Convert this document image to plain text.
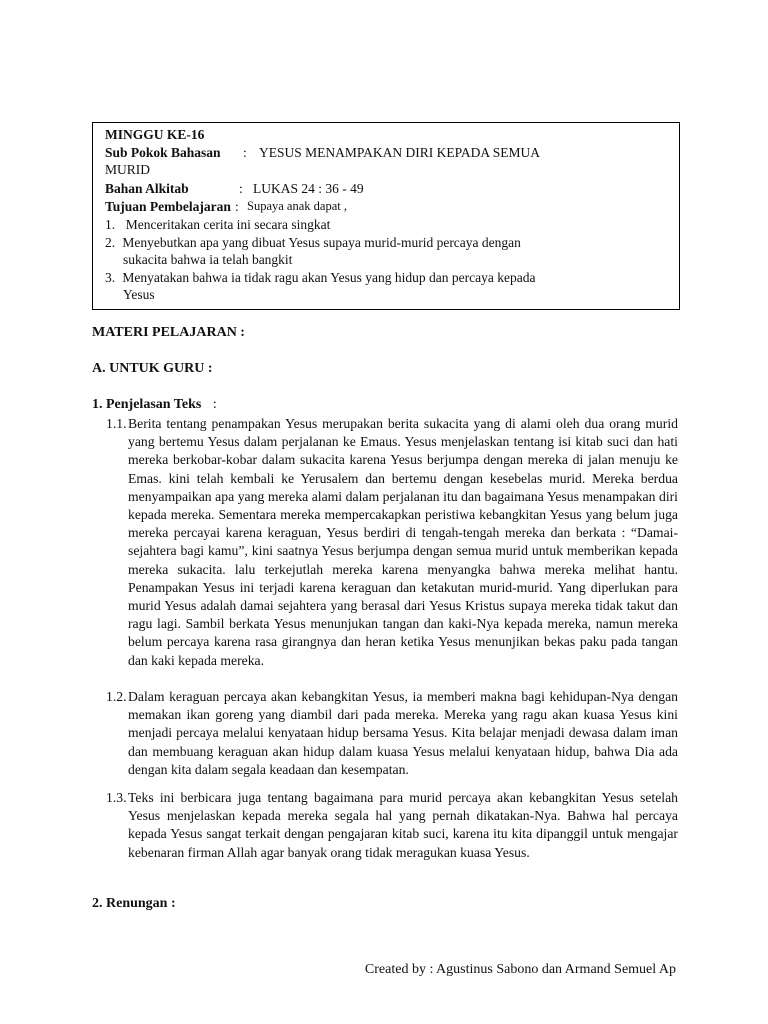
MINGGU KE-16
Sub Pokok Bahasan : YESUS MENAMPAKAN DIRI KEPADA SEMUA
MURID
Bahan Alkitab	: LUKAS 24 : 36 - 49
Tujuan Pembelajaran : Supaya anak dapat ,
1. Menceritakan cerita ini secara singkat
2. Menyebutkan apa yang dibuat Yesus supaya murid-murid percaya dengan
sukacita bahwa ia telah bangkit
3. Menyatakan bahwa ia tidak ragu akan Yesus yang hidup dan percaya kepada
Yesus
MATERI PELAJARAN :
A. UNTUK GURU :
1. Penjelasan Teks :
1.1. Berita tentang penampakan Yesus merupakan berita sukacita yang di alami oleh dua orang murid yang bertemu Yesus dalam perjalanan ke Emaus. Yesus menjelaskan tentang isi kitab suci dan hati mereka berkobar-kobar dalam sukacita karena Yesus berjumpa dengan mereka di jalan menuju ke Emas. kini telah kembali ke Yerusalem dan bertemu dengan kesebelas murid. Mereka berdua menyampaikan apa yang mereka alami dalam perjalanan itu dan bagaimana Yesus menampakan diri kepada mereka. Sementara mereka mempercakapkan peristiwa kebangkitan Yesus yang belum juga mereka percayai karena keraguan, Yesus berdiri di tengah-tengah mereka dan berkata : “Damai-sejahtera bagi kamu”, kini saatnya Yesus berjumpa dengan semua murid untuk memberikan kepada mereka sukacita. lalu terkejutlah mereka karena menyangka bahwa mereka melihat hantu. Penampakan Yesus ini terjadi karena keraguan dan ketakutan murid-murid. Yang diperlukan para murid Yesus adalah damai sejahtera yang berasal dari Yesus Kristus supaya mereka tidak takut dan ragu lagi. Sambil berkata Yesus menunjukan tangan dan kaki-Nya kepada mereka, namun mereka belum percaya karena rasa girangnya dan heran ketika Yesus menunjikan bekas paku pada tangan dan kaki kepada mereka.
1.2. Dalam keraguan percaya akan kebangkitan Yesus, ia memberi makna bagi kehidupan-Nya dengan memakan ikan goreng yang diambil dari pada mereka. Mereka yang ragu akan kuasa Yesus kini menjadi percaya melalui kenyataan hidup bersama Yesus. Kita belajar menjadi dewasa dalam iman dan membuang keraguan akan hidup dalam kuasa Yesus melalui kenyataan hidup, bahwa Dia ada dengan kita dalam segala keadaan dan kesempatan.
1.3. Teks ini berbicara juga tentang bagaimana para murid percaya akan kebangkitan Yesus setelah Yesus menjelaskan kepada mereka segala hal yang pernah dikatakan-Nya. Bahwa hal percaya kepada Yesus sangat terkait dengan pengajaran kitab suci, karena itu kita dipanggil untuk mengajar kebenaran firman Allah agar banyak orang tidak meragukan kuasa Yesus.
2. Renungan :
Created by : Agustinus Sabono dan Armand Semuel Ap
